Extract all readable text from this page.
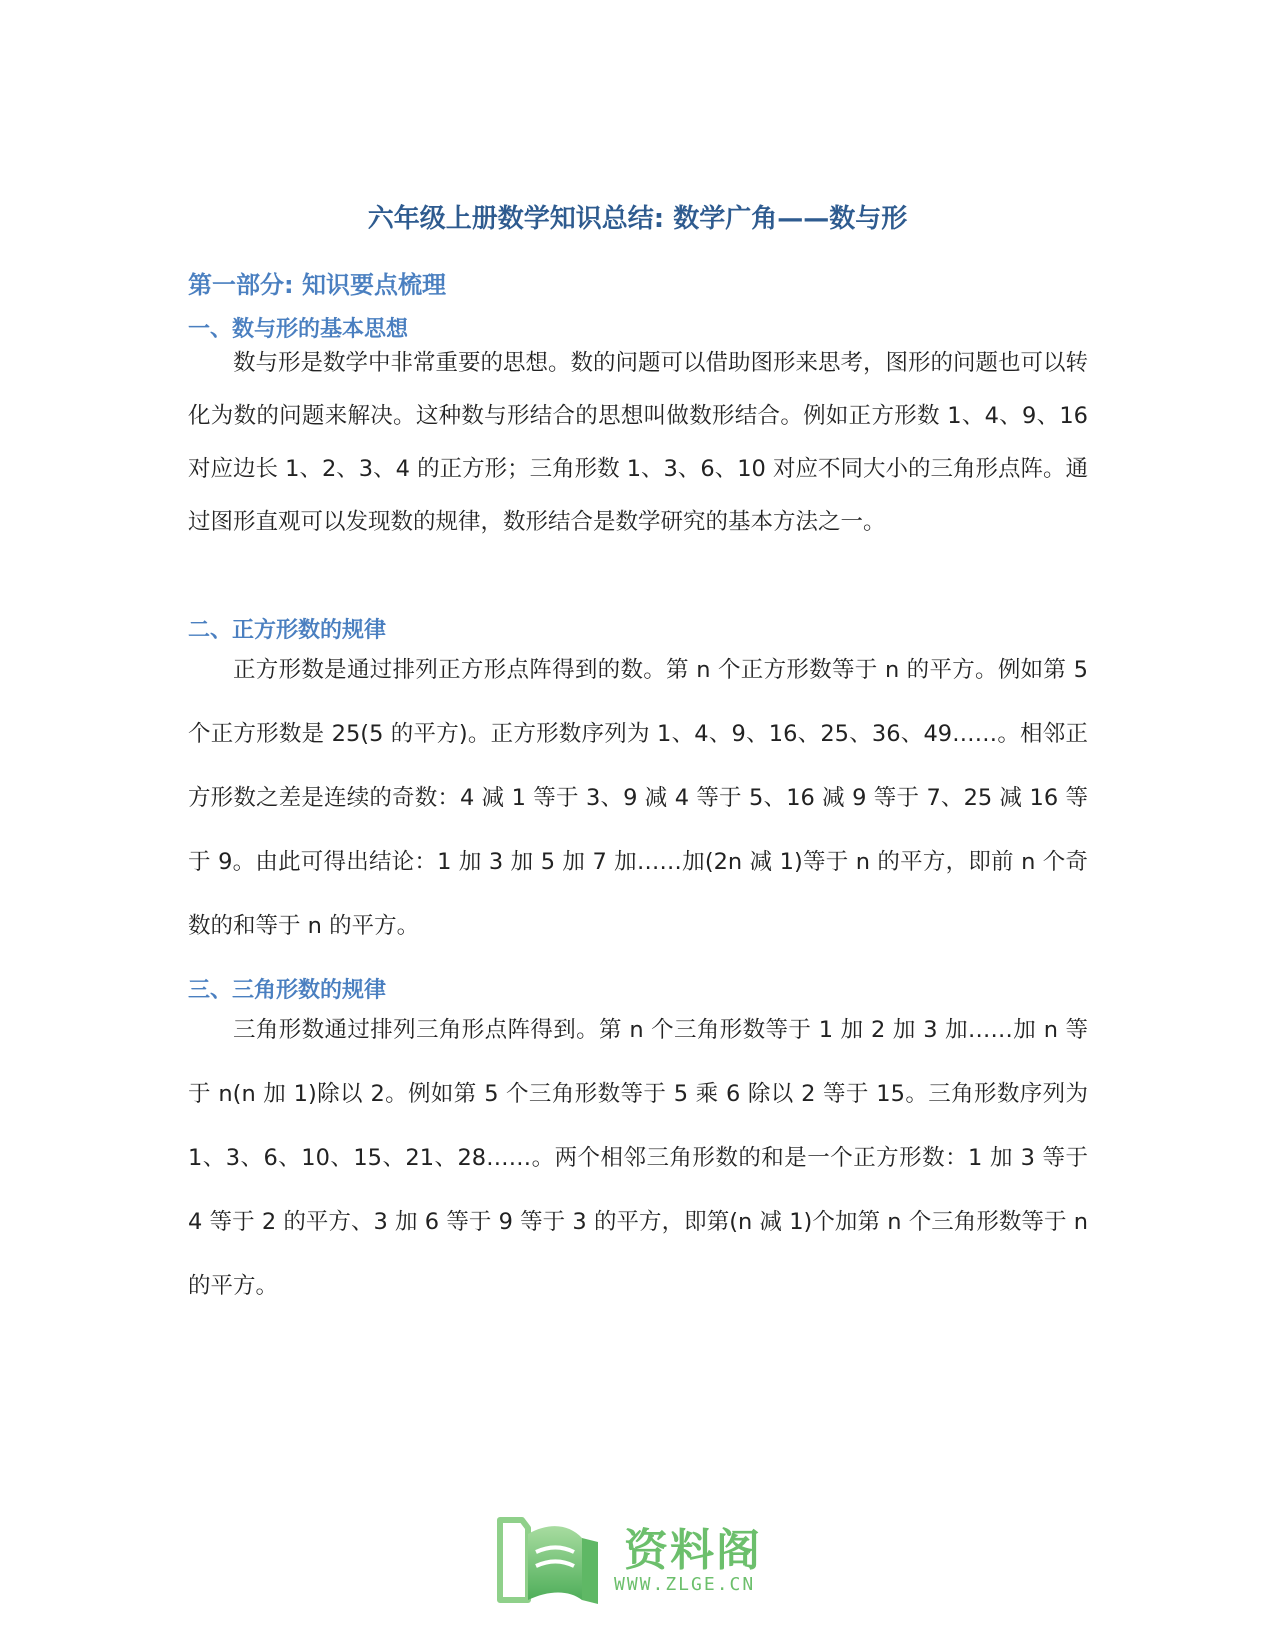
六年级上册数学知识总结: 数学广角——数与形
第一部分: 知识要点梳理
一、数与形的基本思想

数与形是数学中非常重要的思想。数的问题可以借助图形来思考，图形的问题也可以转化为数的问题来解决。这种数与形结合的思想叫做数形结合。例如正方形数 1、4、9、16 对应边长 1、2、3、4 的正方形；三角形数 1、3、6、10 对应不同大小的三角形点阵。通过图形直观可以发现数的规律，数形结合是数学研究的基本方法之一。

二、正方形数的规律

正方形数是通过排列正方形点阵得到的数。第 n 个正方形数等于 n 的平方。例如第 5 个正方形数是 25(5 的平方)。正方形数序列为 1、4、9、16、25、36、49……。相邻正方形数之差是连续的奇数：4 减 1 等于 3、9 减 4 等于 5、16 减 9 等于 7、25 减 16 等于 9。由此可得出结论：1 加 3 加 5 加 7 加……加(2n 减 1)等于 n 的平方，即前 n 个奇数的和等于 n 的平方。

三、三角形数的规律

三角形数通过排列三角形点阵得到。第 n 个三角形数等于 1 加 2 加 3 加……加 n 等于 n(n 加 1)除以 2。例如第 5 个三角形数等于 5 乘 6 除以 2 等于 15。三角形数序列为 1、3、6、10、15、21、28……。两个相邻三角形数的和是一个正方形数：1 加 3 等于 4 等于 2 的平方、3 加 6 等于 9 等于 3 的平方，即第(n 减 1)个加第 n 个三角形数等于 n 的平方。

资料阁
WWW.ZLGE.CN
